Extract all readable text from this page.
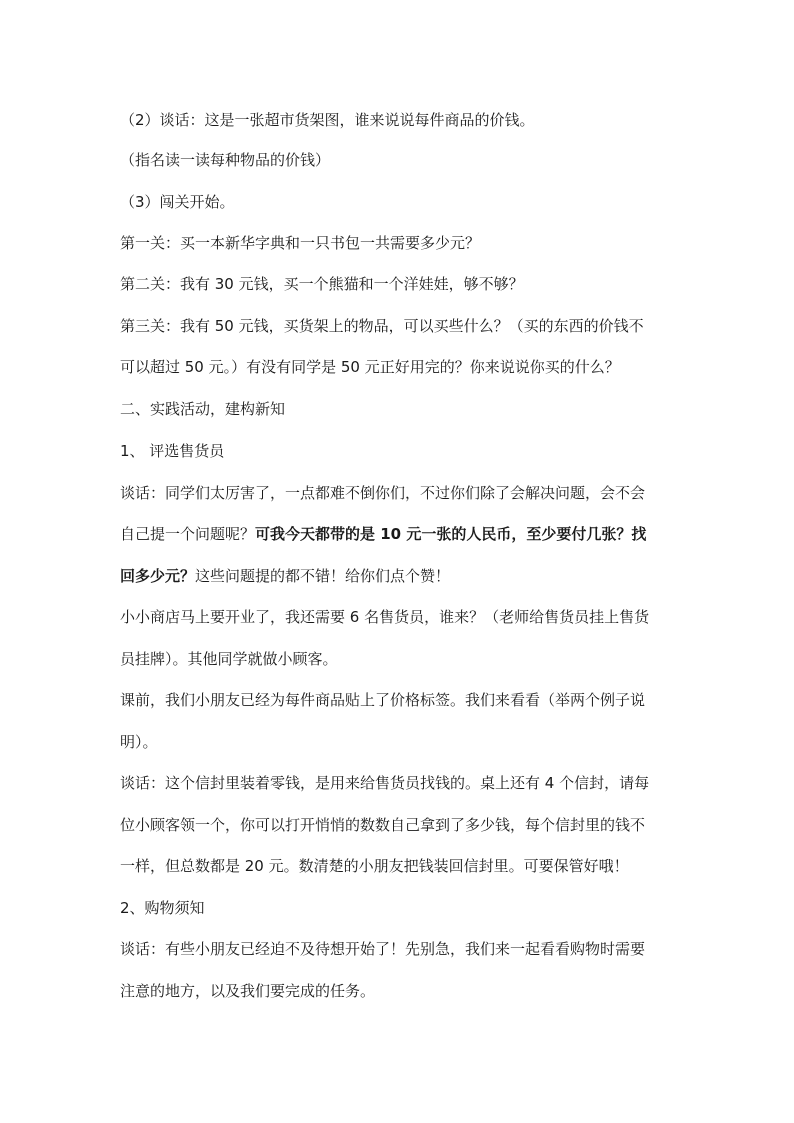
（2）谈话：这是一张超市货架图，谁来说说每件商品的价钱。
（指名读一读每种物品的价钱）
（3）闯关开始。
第一关：买一本新华字典和一只书包一共需要多少元？
第二关：我有 30 元钱，买一个熊猫和一个洋娃娃，够不够？
第三关：我有 50 元钱，买货架上的物品，可以买些什么？（买的东西的价钱不
可以超过 50 元。）有没有同学是 50 元正好用完的？你来说说你买的什么？
二、实践活动，建构新知
1、 评选售货员
谈话：同学们太厉害了，一点都难不倒你们，不过你们除了会解决问题，会不会
自己提一个问题呢？可我今天都带的是 10 元一张的人民币，至少要付几张？找
回多少元？这些问题提的都不错！给你们点个赞！
小小商店马上要开业了，我还需要 6 名售货员，谁来？（老师给售货员挂上售货
员挂牌）。其他同学就做小顾客。
课前，我们小朋友已经为每件商品贴上了价格标签。我们来看看（举两个例子说
明）。
谈话：这个信封里装着零钱，是用来给售货员找钱的。桌上还有 4 个信封，请每
位小顾客领一个，你可以打开悄悄的数数自己拿到了多少钱，每个信封里的钱不
一样，但总数都是 20 元。数清楚的小朋友把钱装回信封里。可要保管好哦！
2、购物须知
谈话：有些小朋友已经迫不及待想开始了！先别急，我们来一起看看购物时需要
注意的地方，以及我们要完成的任务。
